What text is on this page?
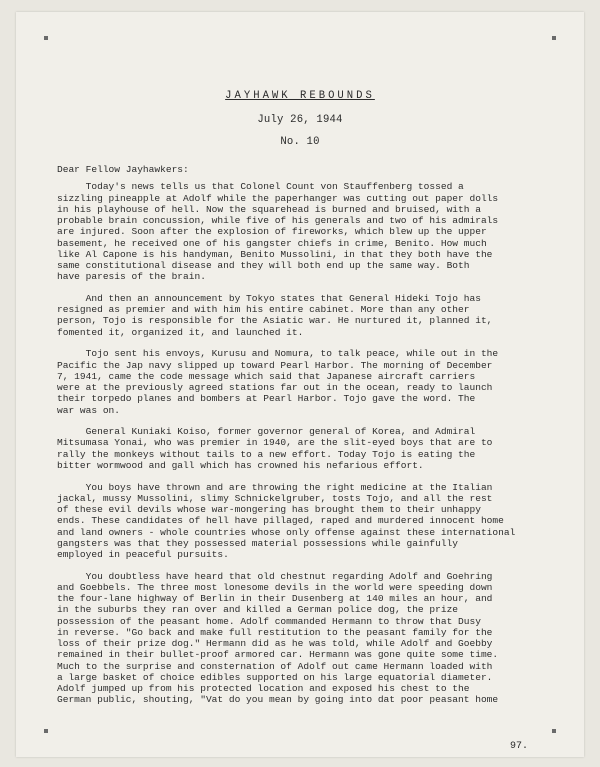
JAYHAWK REBOUNDS
July 26, 1944
No. 10
Dear Fellow Jayhawkers:
Today's news tells us that Colonel Count von Stauffenberg tossed a
sizzling pineapple at Adolf while the paperhanger was cutting out paper dolls
in his playhouse of hell. Now the squarehead is burned and bruised, with a
probable brain concussion, while five of his generals and two of his admirals
are injured. Soon after the explosion of fireworks, which blew up the upper
basement, he received one of his gangster chiefs in crime, Benito. How much
like Al Capone is his handyman, Benito Mussolini, in that they both have the
same constitutional disease and they will both end up the same way. Both
have paresis of the brain.
And then an announcement by Tokyo states that General Hideki Tojo has
resigned as premier and with him his entire cabinet. More than any other
person, Tojo is responsible for the Asiatic war. He nurtured it, planned it,
fomented it, organized it, and launched it.
Tojo sent his envoys, Kurusu and Nomura, to talk peace, while out in the
Pacific the Jap navy slipped up toward Pearl Harbor. The morning of December
7, 1941, came the code message which said that Japanese aircraft carriers
were at the previously agreed stations far out in the ocean, ready to launch
their torpedo planes and bombers at Pearl Harbor. Tojo gave the word. The
war was on.
General Kuniaki Koiso, former governor general of Korea, and Admiral
Mitsumasa Yonai, who was premier in 1940, are the slit-eyed boys that are to
rally the monkeys without tails to a new effort. Today Tojo is eating the
bitter wormwood and gall which has crowned his nefarious effort.
You boys have thrown and are throwing the right medicine at the Italian
jackal, mussy Mussolini, slimy Schnickelgruber, tosts Tojo, and all the rest
of these evil devils whose war-mongering has brought them to their unhappy
ends. These candidates of hell have pillaged, raped and murdered innocent home
and land owners - whole countries whose only offense against these international
gangsters was that they possessed material possessions while gainfully
employed in peaceful pursuits.
You doubtless have heard that old chestnut regarding Adolf and Goehring
and Goebbels. The three most lonesome devils in the world were speeding down
the four-lane highway of Berlin in their Dusenberg at 140 miles an hour, and
in the suburbs they ran over and killed a German police dog, the prize
possession of the peasant home. Adolf commanded Hermann to throw that Dusy
in reverse. "Go back and make full restitution to the peasant family for the
loss of their prize dog." Hermann did as he was told, while Adolf and Goebby
remained in their bullet-proof armored car. Hermann was gone quite some time.
Much to the surprise and consternation of Adolf out came Hermann loaded with
a large basket of choice edibles supported on his large equatorial diameter.
Adolf jumped up from his protected location and exposed his chest to the
German public, shouting, "Vat do you mean by going into dat poor peasant home
97.
